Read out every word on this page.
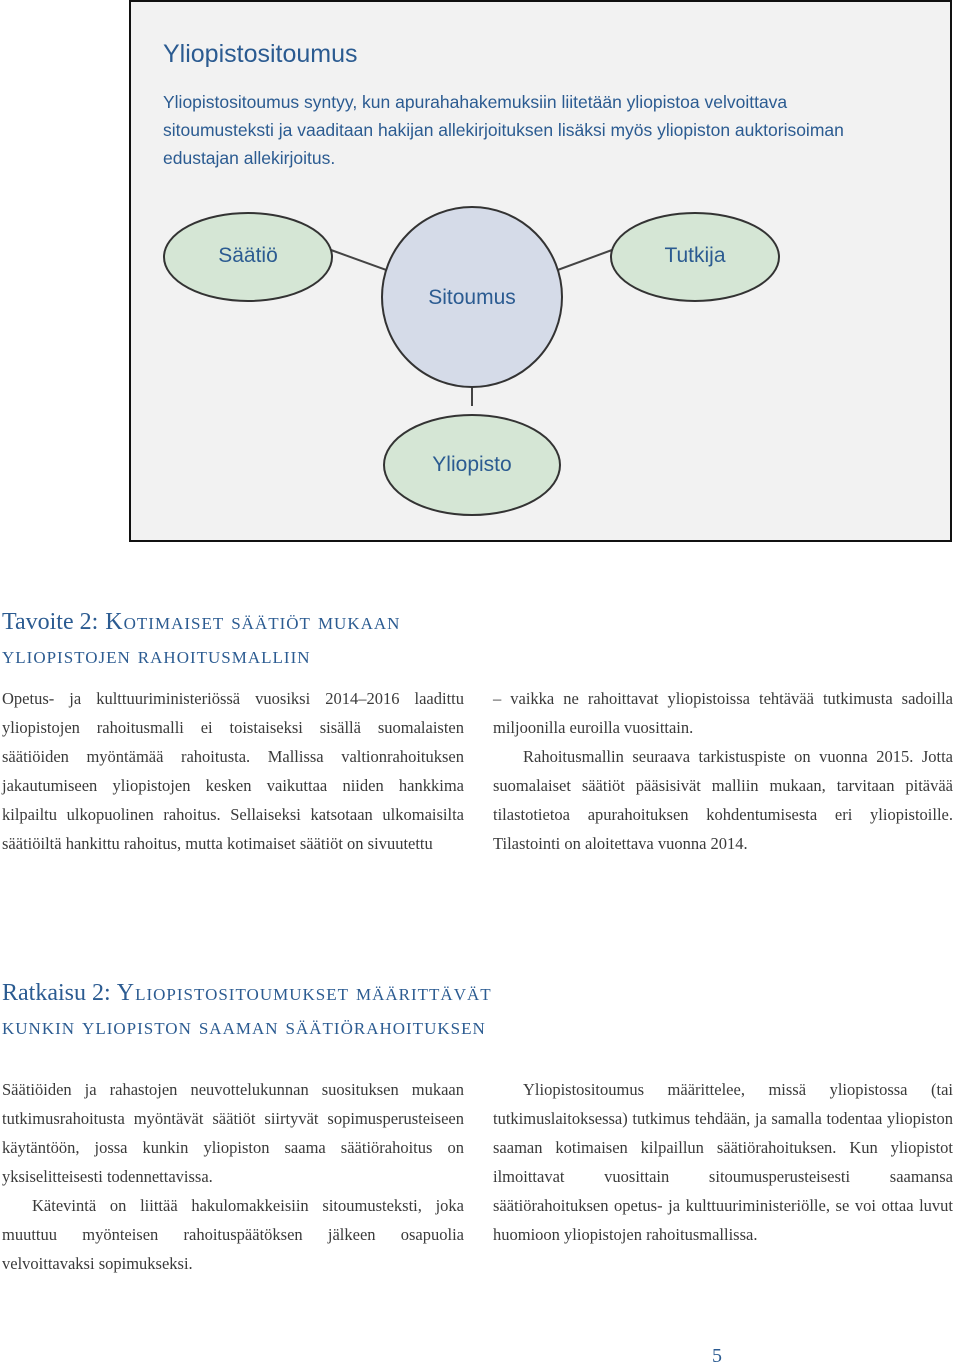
Yliopistositoumus

Yliopistositoumus syntyy, kun apurahahakemuksiin liitetään yliopistoa velvoittava sitoumusteksti ja vaaditaan hakijan allekirjoituksen lisäksi myös yliopiston auktorisoiman edustajan allekirjoitus.

Säätiö	Tutkija
Sitoumus
Yliopisto
Tavoite 2: Kotimaiset säätiöt mukaan
yliopistojen rahoitusmalliin

Opetus- ja kulttuuriministeriössä vuosiksi 2014–2016 laadittu yliopistojen rahoitusmalli ei toistaiseksi sisällä suomalaisten säätiöiden myöntämää rahoitusta. Mallissa valtionrahoituksen jakautumiseen yliopistojen kesken vaikuttaa niiden hankkima kilpailtu ulkopuolinen rahoitus. Sellaiseksi katsotaan ulkomaisilta säätiöiltä hankittu rahoitus, mutta kotimaiset säätiöt on sivuutettu

– vaikka ne rahoittavat yliopistoissa tehtävää tutkimusta sadoilla miljoonilla euroilla vuosittain.

Rahoitusmallin seuraava tarkistuspiste on vuonna 2015. Jotta suomalaiset säätiöt pääsisivät malliin mukaan, tarvitaan pitävää tilastotietoa apurahoituksen kohdentumisesta eri yliopistoille. Tilastointi on aloitettava vuonna 2014.

Ratkaisu 2: Yliopistositoumukset määrittävät
kunkin yliopiston saaman säätiörahoituksen

Säätiöiden ja rahastojen neuvottelukunnan suosituksen mukaan tutkimusrahoitusta myöntävät säätiöt siirtyvät sopimusperusteiseen käytäntöön, jossa kunkin yliopiston saama säätiörahoitus on yksiselitteisesti todennettavissa.

Kätevintä on liittää hakulomakkeisiin sitoumusteksti, joka muuttuu myönteisen rahoituspäätöksen jälkeen osapuolia velvoittavaksi sopimukseksi.

Yliopistositoumus määrittelee, missä yliopistossa (tai tutkimuslaitoksessa) tutkimus tehdään, ja samalla todentaa yliopiston saaman kotimaisen kilpaillun säätiörahoituksen. Kun yliopistot ilmoittavat vuosittain sitoumusperusteisesti saamansa säätiörahoituksen opetus- ja kulttuuriministeriölle, se voi ottaa luvut huomioon yliopistojen rahoitusmallissa.

5
